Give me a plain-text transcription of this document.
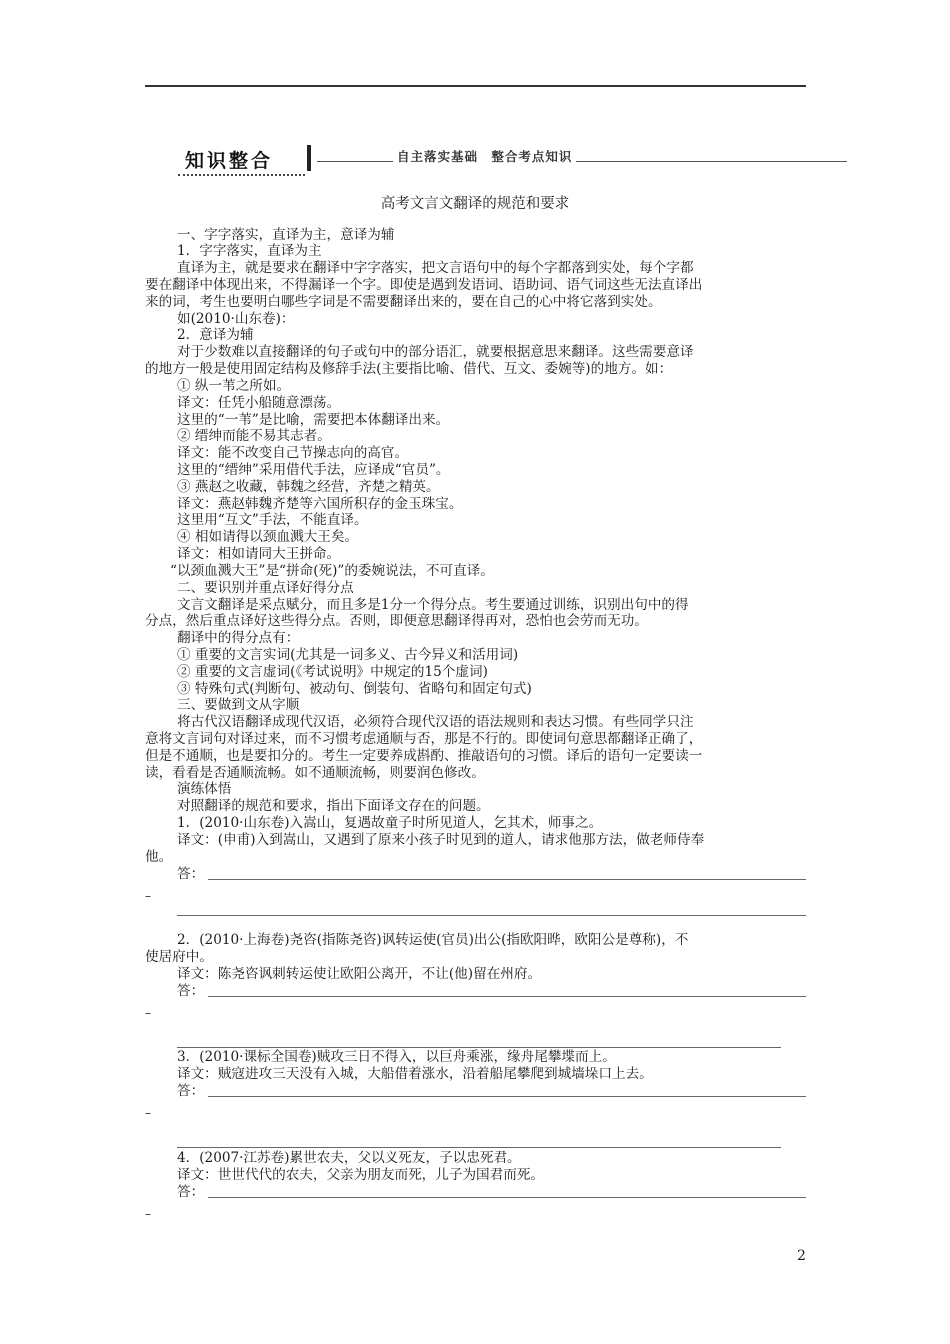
知识整合	自主落实基础 整合考点知识
高考文言文翻译的规范和要求
一、字字落实，直译为主，意译为辅
1．字字落实，直译为主
直译为主，就是要求在翻译中字字落实，把文言语句中的每个字都落到实处，每个字都
要在翻译中体现出来，不得漏译一个字。即使是遇到发语词、语助词、语气词这些无法直译出
来的词，考生也要明白哪些字词是不需要翻译出来的，要在自己的心中将它落到实处。
如(2010·山东卷)：
2．意译为辅
对于少数难以直接翻译的句子或句中的部分语汇，就要根据意思来翻译。这些需要意译
的地方一般是使用固定结构及修辞手法(主要指比喻、借代、互文、委婉等)的地方。如：
① 纵一苇之所如。
译文：任凭小船随意漂荡。
这里的“一苇”是比喻，需要把本体翻译出来。
② 缙绅而能不易其志者。
译文：能不改变自己节操志向的高官。
这里的“缙绅”采用借代手法，应译成“官员”。
③ 燕赵之收藏，韩魏之经营，齐楚之精英。
译文：燕赵韩魏齐楚等六国所积存的金玉珠宝。
这里用“互文”手法，不能直译。
④ 相如请得以颈血溅大王矣。
译文：相如请同大王拼命。
“以颈血溅大王”是“拼命(死)”的委婉说法，不可直译。
二、要识别并重点译好得分点
文言文翻译是采点赋分，而且多是1分一个得分点。考生要通过训练，识别出句中的得
分点，然后重点译好这些得分点。否则，即便意思翻译得再对，恐怕也会劳而无功。
翻译中的得分点有：
① 重要的文言实词(尤其是一词多义、古今异义和活用词)
② 重要的文言虚词(《考试说明》中规定的15个虚词)
③ 特殊句式(判断句、被动句、倒装句、省略句和固定句式)
三、要做到文从字顺
将古代汉语翻译成现代汉语，必须符合现代汉语的语法规则和表达习惯。有些同学只注
意将文言词句对译过来，而不习惯考虑通顺与否，那是不行的。即使词句意思都翻译正确了，
但是不通顺，也是要扣分的。考生一定要养成斟酌、推敲语句的习惯。译后的语句一定要读一
读，看看是否通顺流畅。如不通顺流畅，则要润色修改。
演练体悟
对照翻译的规范和要求，指出下面译文存在的问题。
1．(2010·山东卷)入嵩山，复遇故童子时所见道人，乞其术，师事之。
译文：(申甫)入到嵩山，又遇到了原来小孩子时见到的道人，请求他那方法，做老师侍奉
他。
答：
–
2．(2010·上海卷)尧咨(指陈尧咨)讽转运使(官员)出公(指欧阳晔，欧阳公是尊称)，不
使居府中。
译文：陈尧咨讽刺转运使让欧阳公离开，不让(他)留在州府。
答：
–
3．(2010·课标全国卷)贼攻三日不得入，以巨舟乘涨，缘舟尾攀堞而上。
译文：贼寇进攻三天没有入城，大船借着涨水，沿着船尾攀爬到城墙垛口上去。
答：
–
4．(2007·江苏卷)累世农夫，父以义死友，子以忠死君。
译文：世世代代的农夫，父亲为朋友而死，儿子为国君而死。
答：
–
2
